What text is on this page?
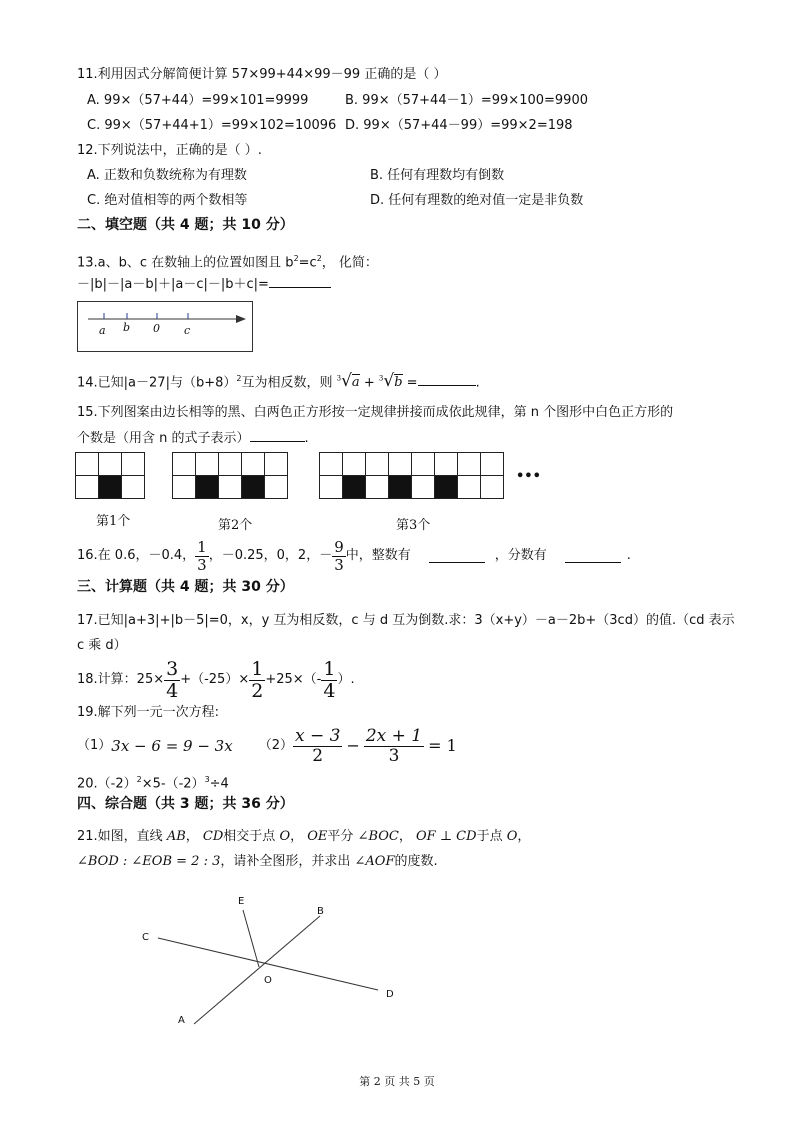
11.利用因式分解简便计算 57×99+44×99－99 正确的是（ ）
A. 99×（57+44）=99×101=9999	B. 99×（57+44－1）=99×100=9900
C. 99×（57+44+1）=99×102=10096 D. 99×（57+44－99）=99×2=198
12.下列说法中，正确的是（ ）.
A. 正数和负数统称为有理数	B. 任何有理数均有倒数
C. 绝对值相等的两个数相等	D. 任何有理数的绝对值一定是非负数
二、填空题（共 4 题；共 10 分）
13.a、b、c 在数轴上的位置如图且 $b^2=c^2$， 化简：
－|b|－|a－b|＋|a－c|－|b＋c|=
a b 0 c
14.已知|a－27|与$(b+8)^2$互为相反数，则 $^3$√a + $^3$√b =	.
15.下列图案由边长相等的黑、白两色正方形按一定规律拼接而成依此规律，第 n 个图形中白色正方形的
个数是（用含 n 的式子表示）	.
•••
第1个	第2个	第3个
16.在 0.6，－0.4， $\frac{1}{3}$ ，－0.25，0，2，－ $\frac{9}{3}$ 中，整数有	，分数有	.
三、计算题（共 4 题；共 30 分）
17.已知|a+3|+|b－5|=0，x，y 互为相反数，c 与 d 互为倒数.求：3（x+y）－a－2b+（3cd）的值.（cd 表示
c 乘 d）
18.计算：$25\times \frac{3}{4} +(-25)\times \frac{1}{2} +25\times(- \frac{1}{4}$ ）.
19.解下列一元一次方程:
（1） 3x − 6 = 9 − 3x $(2) \frac{x - 3}{2} - \frac{2x + 1}{3} = 1$
$20.(-2)^2\times 5-(-2)^3\div 4$
四、综合题（共 3 题；共 36 分）
21.如图，直线 AB， CD相交于点 O， OE平分 ∠BOC， OF ⊥ CD于点 O，
∠BOD : ∠EOB = 2 : 3，请补全图形，并求出 ∠AOF的度数.
E
B
C
O
D
A
第 2 页 共 5 页
